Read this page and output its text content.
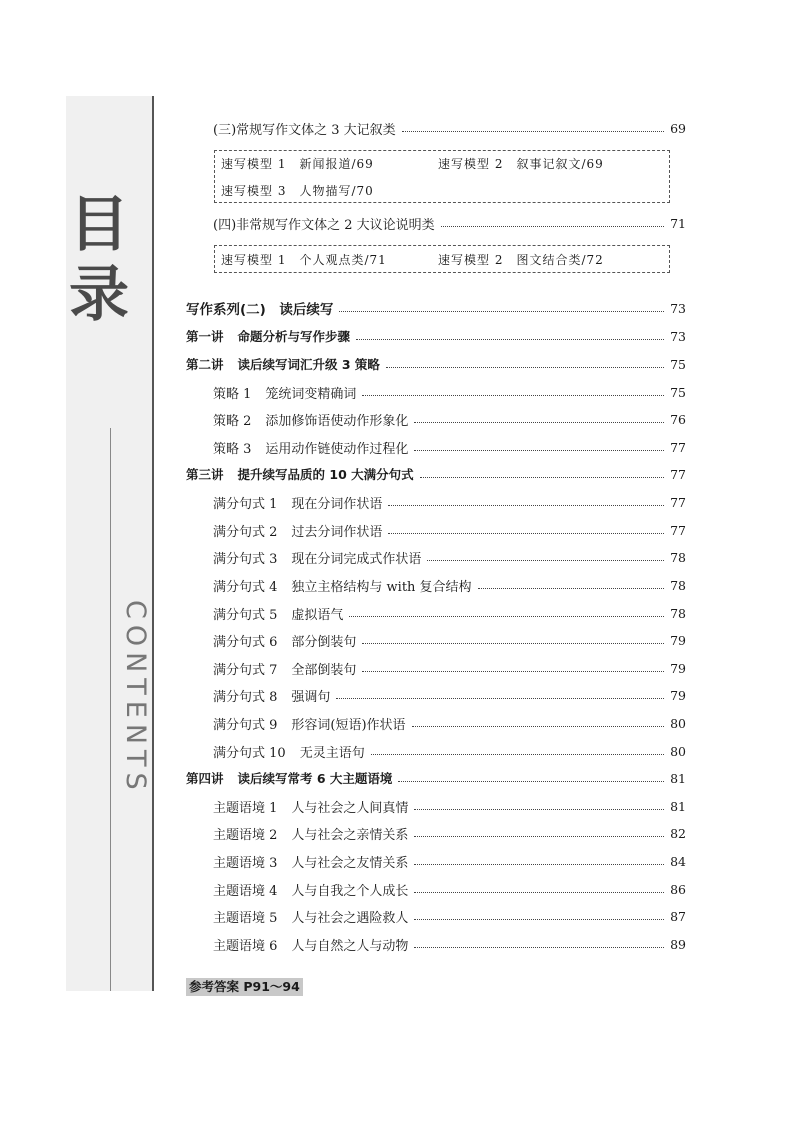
目
录
CONTENTS
(三)常规写作文体之 3 大记叙类	69
速写模型 1　新闻报道/69	速写模型 2　叙事记叙文/69
速写模型 3　人物描写/70
(四)非常规写作文体之 2 大议论说明类	71
速写模型 1　个人观点类/71	速写模型 2　图文结合类/72
写作系列(二)　读后续写	73
第一讲 命题分析与写作步骤	73
第二讲 读后续写词汇升级 3 策略	75
策略 1 笼统词变精确词	75
策略 2 添加修饰语使动作形象化	76
策略 3 运用动作链使动作过程化	77
第三讲 提升续写品质的 10 大满分句式	77
满分句式 1 现在分词作状语	77
满分句式 2 过去分词作状语	77
满分句式 3 现在分词完成式作状语	78
满分句式 4 独立主格结构与 with 复合结构	78
满分句式 5 虚拟语气	78
满分句式 6 部分倒装句	79
满分句式 7 全部倒装句	79
满分句式 8 强调句	79
满分句式 9 形容词(短语)作状语	80
满分句式 10 无灵主语句	80
第四讲 读后续写常考 6 大主题语境	81
主题语境 1 人与社会之人间真情	81
主题语境 2 人与社会之亲情关系	82
主题语境 3 人与社会之友情关系	84
主题语境 4 人与自我之个人成长	86
主题语境 5 人与社会之遇险救人	87
主题语境 6 人与自然之人与动物	89
参考答案 P91～94
